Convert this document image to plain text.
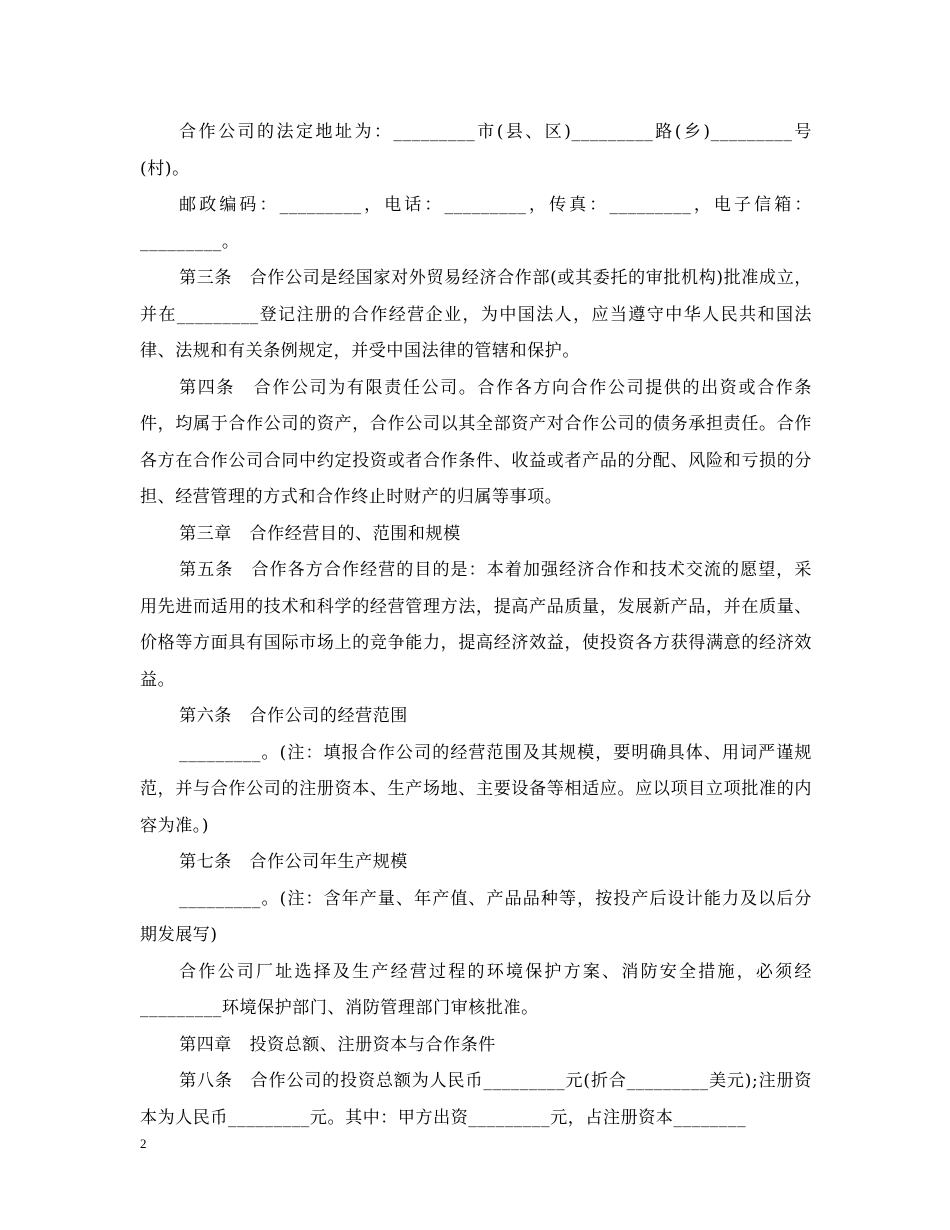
合作公司的法定地址为：_________市(县、区)_________路(乡)_________号(村)。

邮政编码：_________，电话：_________，传真：_________，电子信箱：_________。

第三条　合作公司是经国家对外贸易经济合作部(或其委托的审批机构)批准成立，并在_________登记注册的合作经营企业，为中国法人，应当遵守中华人民共和国法律、法规和有关条例规定，并受中国法律的管辖和保护。

第四条　合作公司为有限责任公司。合作各方向合作公司提供的出资或合作条件，均属于合作公司的资产，合作公司以其全部资产对合作公司的债务承担责任。合作各方在合作公司合同中约定投资或者合作条件、收益或者产品的分配、风险和亏损的分担、经营管理的方式和合作终止时财产的归属等事项。

第三章　合作经营目的、范围和规模

第五条　合作各方合作经营的目的是：本着加强经济合作和技术交流的愿望，采用先进而适用的技术和科学的经营管理方法，提高产品质量，发展新产品，并在质量、价格等方面具有国际市场上的竞争能力，提高经济效益，使投资各方获得满意的经济效益。

第六条　合作公司的经营范围

_________。(注：填报合作公司的经营范围及其规模，要明确具体、用词严谨规范，并与合作公司的注册资本、生产场地、主要设备等相适应。应以项目立项批准的内容为准。)

第七条　合作公司年生产规模

_________。(注：含年产量、年产值、产品品种等，按投产后设计能力及以后分期发展写)

合作公司厂址选择及生产经营过程的环境保护方案、消防安全措施，必须经_________环境保护部门、消防管理部门审核批准。

第四章　投资总额、注册资本与合作条件

第八条　合作公司的投资总额为人民币_________元(折合_________美元);注册资本为人民币_________元。其中：甲方出资_________元，占注册资本________

2
